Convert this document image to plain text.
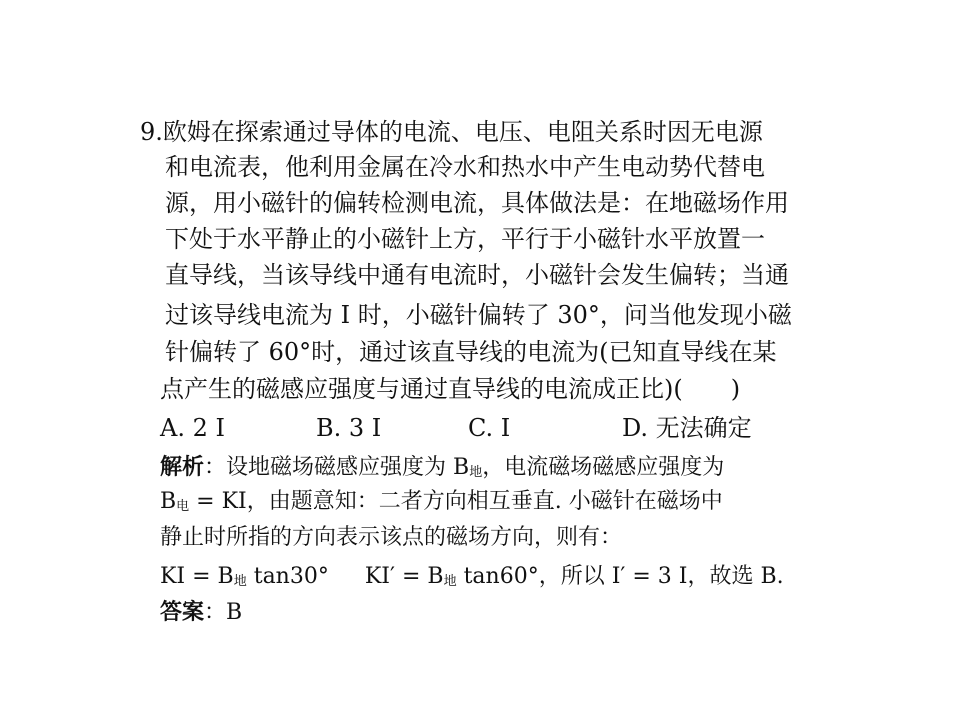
9.欧姆在探索通过导体的电流、电压、电阻关系时因无电源
和电流表，他利用金属在冷水和热水中产生电动势代替电
源，用小磁针的偏转检测电流，具体做法是：在地磁场作用
下处于水平静止的小磁针上方，平行于小磁针水平放置一
直导线，当该导线中通有电流时，小磁针会发生偏转；当通
过该导线电流为 I 时，小磁针偏转了 30°，问当他发现小磁
针偏转了 60°时，通过该直导线的电流为(已知直导线在某
点产生的磁感应强度与通过直导线的电流成正比)(　　)
A. 2 I	B. 3 I	C. I	D. 无法确定
解析：设地磁场磁感应强度为 B地，电流磁场磁感应强度为
B电 = KI，由题意知：二者方向相互垂直. 小磁针在磁场中
静止时所指的方向表示该点的磁场方向，则有：
KI = B地 tan30° KI′ = B地 tan60°，所以 I′ = 3 I，故选 B.
答案：B
